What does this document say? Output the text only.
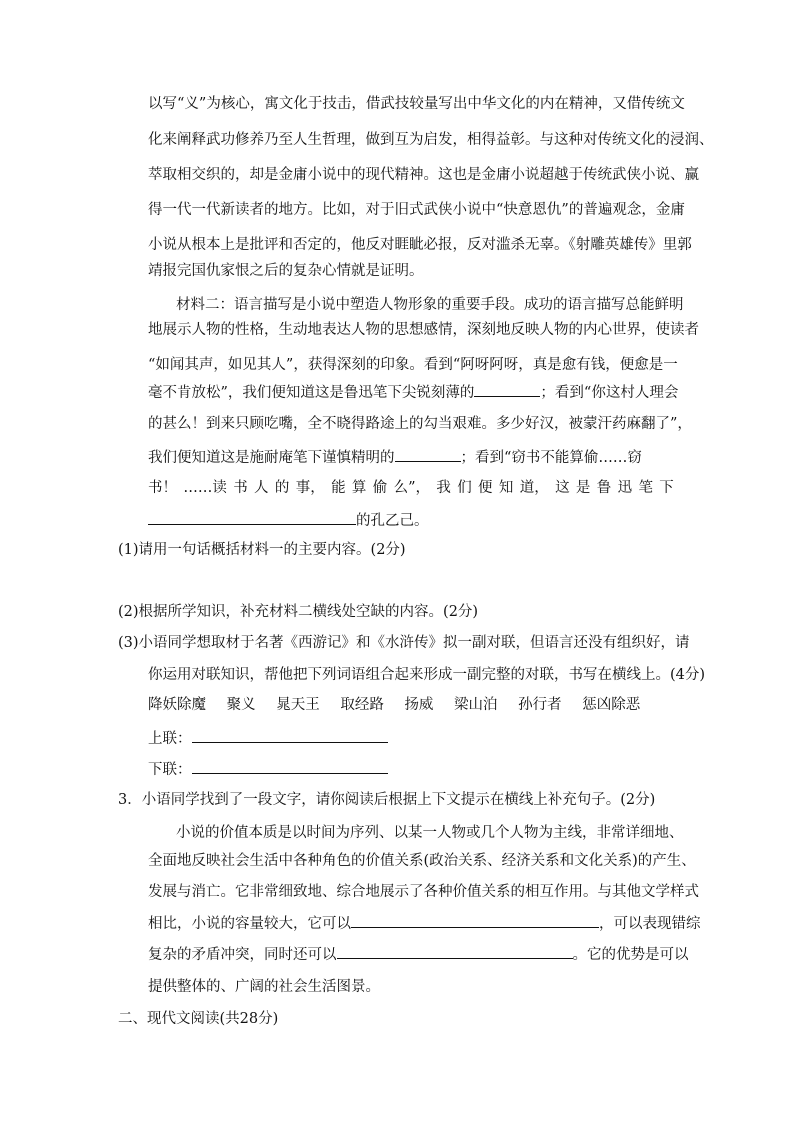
以写“义”为核心，寓文化于技击，借武技较量写出中华文化的内在精神，又借传统文
化来阐释武功修养乃至人生哲理，做到互为启发，相得益彰。与这种对传统文化的浸润、
萃取相交织的，却是金庸小说中的现代精神。这也是金庸小说超越于传统武侠小说、赢
得一代一代新读者的地方。比如，对于旧式武侠小说中“快意恩仇”的普遍观念，金庸
小说从根本上是批评和否定的，他反对睚眦必报，反对滥杀无辜。《射雕英雄传》里郭
靖报完国仇家恨之后的复杂心情就是证明。
材料二：语言描写是小说中塑造人物形象的重要手段。成功的语言描写总能鲜明
地展示人物的性格，生动地表达人物的思想感情，深刻地反映人物的内心世界，使读者
“如闻其声，如见其人”，获得深刻的印象。看到“阿呀阿呀，真是愈有钱，便愈是一
毫不肯放松”，我们便知道这是鲁迅笔下尖锐刻薄的	；看到“你这村人理会
的甚么！到来只顾吃嘴，全不晓得路途上的勾当艰难。多少好汉，被蒙汗药麻翻了”，
我们便知道这是施耐庵笔下谨慎精明的	；看到“窃书不能算偷……窃
书！ ……读 书 人 的 事， 能 算 偷 么”， 我 们 便 知 道， 这 是 鲁 迅 笔 下
的孔乙己。
(1)请用一句话概括材料一的主要内容。(2分)
(2)根据所学知识，补充材料二横线处空缺的内容。(2分)
(3)小语同学想取材于名著《西游记》和《水浒传》拟一副对联，但语言还没有组织好，请
你运用对联知识，帮他把下列词语组合起来形成一副完整的对联，书写在横线上。(4分)
降妖除魔 聚义 晁天王 取经路 扬威 梁山泊 孙行者 惩凶除恶
上联：
下联：
3．小语同学找到了一段文字，请你阅读后根据上下文提示在横线上补充句子。(2分)
小说的价值本质是以时间为序列、以某一人物或几个人物为主线，非常详细地、
全面地反映社会生活中各种角色的价值关系(政治关系、经济关系和文化关系)的产生、
发展与消亡。它非常细致地、综合地展示了各种价值关系的相互作用。与其他文学样式
相比，小说的容量较大，它可以	，可以表现错综
复杂的矛盾冲突，同时还可以	。它的优势是可以
提供整体的、广阔的社会生活图景。
二、现代文阅读(共28分)
